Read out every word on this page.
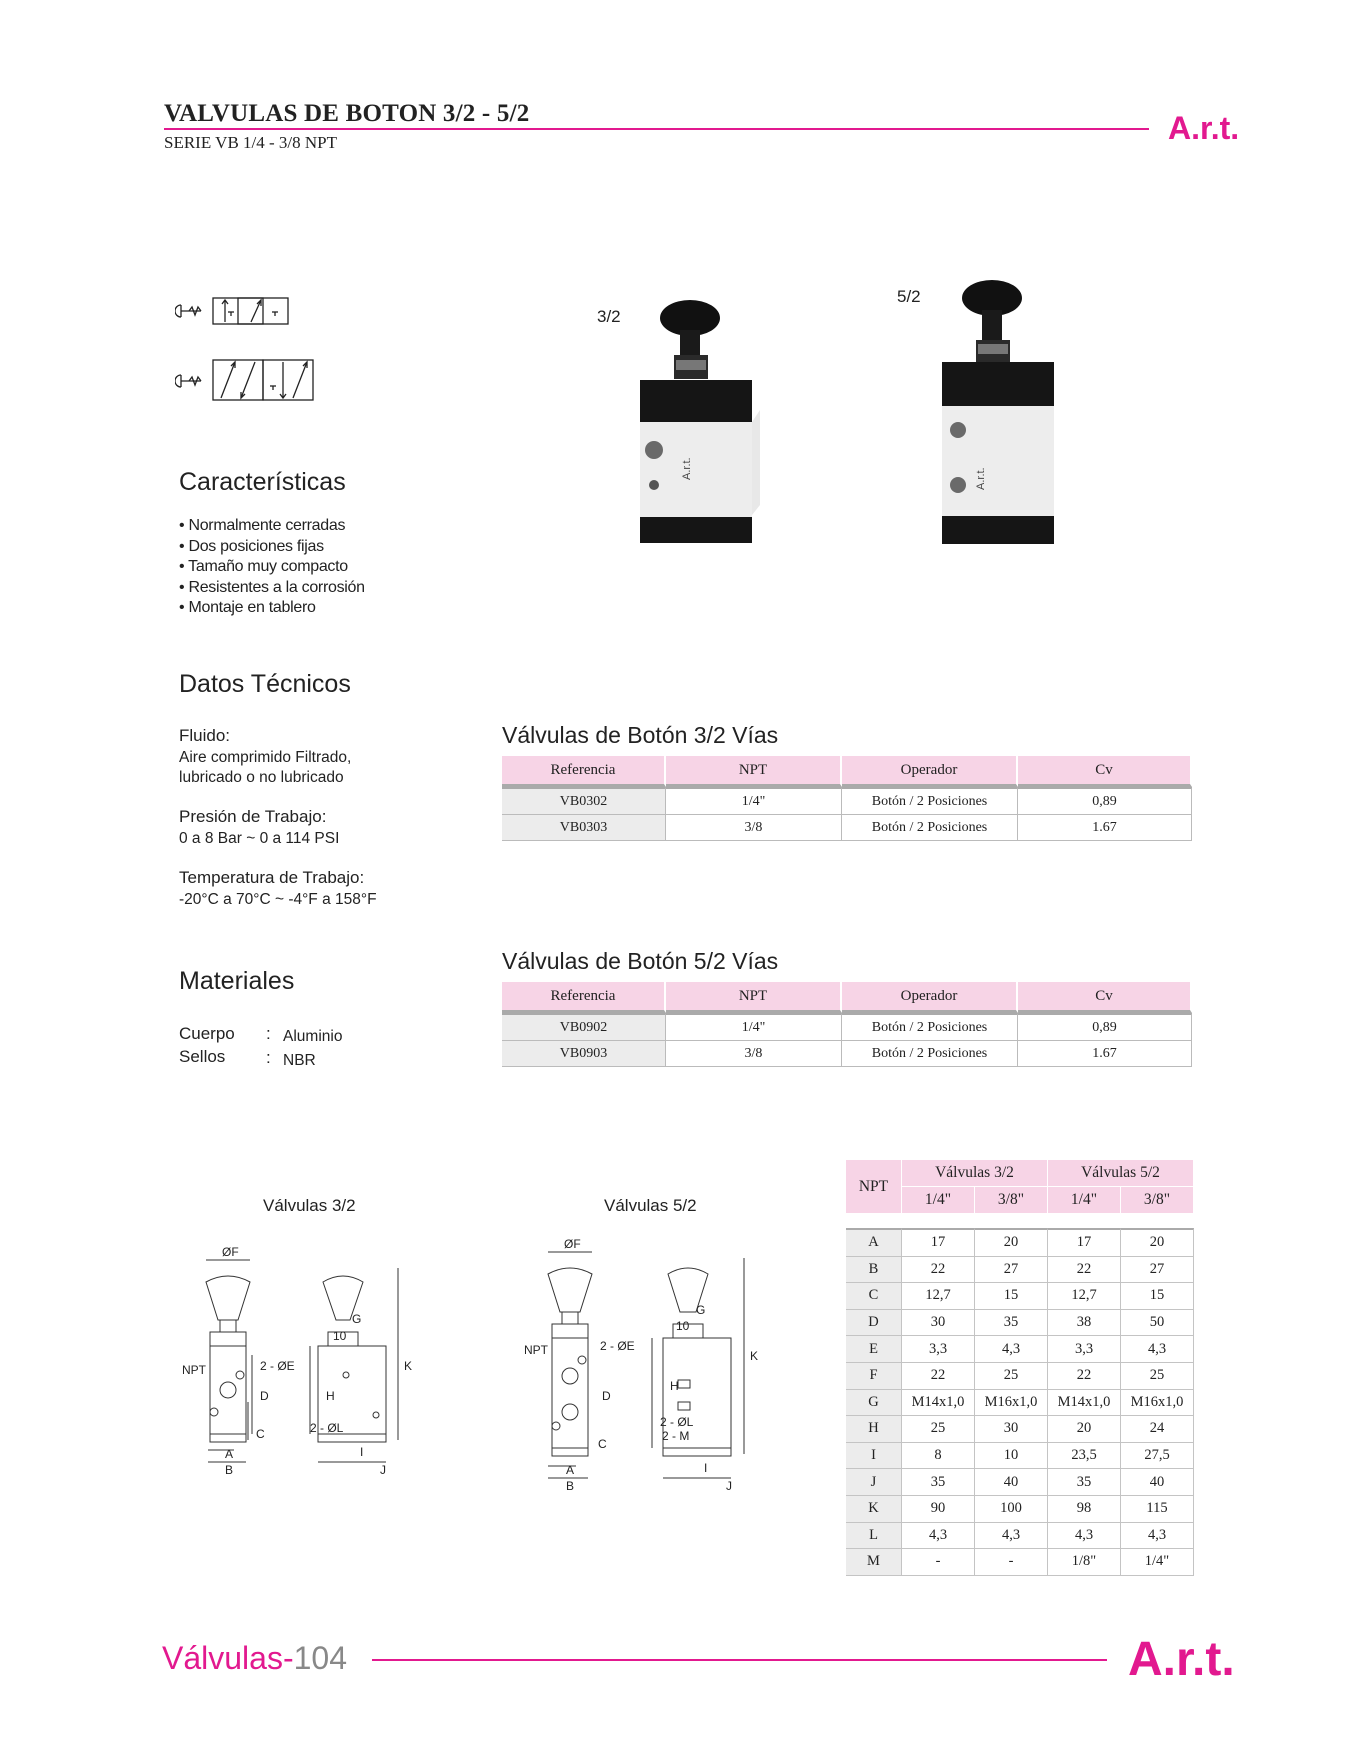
VALVULAS DE BOTON 3/2 - 5/2
SERIE VB 1/4 - 3/8 NPT	A.r.t.
3/2
5/2
A.r.t.	A.r.t.
Características
• Normalmente cerradas
• Dos posiciones fijas
• Tamaño muy compacto
• Resistentes a la corrosión
• Montaje en tablero
Datos Técnicos
Fluido:
Aire comprimido Filtrado,
lubricado o no lubricado
Presión de Trabajo:
0 a 8 Bar ~ 0 a 114 PSI
Temperatura de Trabajo:
-20°C a 70°C ~ -4°F a 158°F
Materiales
Cuerpo : Aluminio
Sellos : NBR
Válvulas de Botón 3/2 Vías
Referencia	NPT	Operador	Cv
VB0302	1/4"	Botón / 2 Posiciones	0,89
VB0303	3/8	Botón / 2 Posiciones	1.67
Válvulas de Botón 5/2 Vías
Referencia	NPT	Operador	Cv
VB0902	1/4"	Botón / 2 Posiciones	0,89
VB0903	3/8	Botón / 2 Posiciones	1.67
Válvulas 3/2	Válvulas 5/2
ØF
NPT	2 - ØE
D
C
A
B
G
10
K
H
2 - ØL
I
J
ØF
NPT	2 - ØE
D
C
A
B
G
10
K
H
2 - ØL
2 - M
I
J
NPT	Válvulas 3/2		Válvulas 5/2	
	1/4"	3/8"	1/4"	3/8"

A	17	20	17	20
B	22	27	22	27
C	12,7	15	12,7	15
D	30	35	38	50
E	3,3	4,3	3,3	4,3
F	22	25	22	25
G	M14x1,0	M16x1,0	M14x1,0	M16x1,0
H	25	30	20	24
I	8	10	23,5	27,5
J	35	40	35	40
K	90	100	98	115
L	4,3	4,3	4,3	4,3
M	-	-	1/8"	1/4"
Válvulas-104	A.r.t.
